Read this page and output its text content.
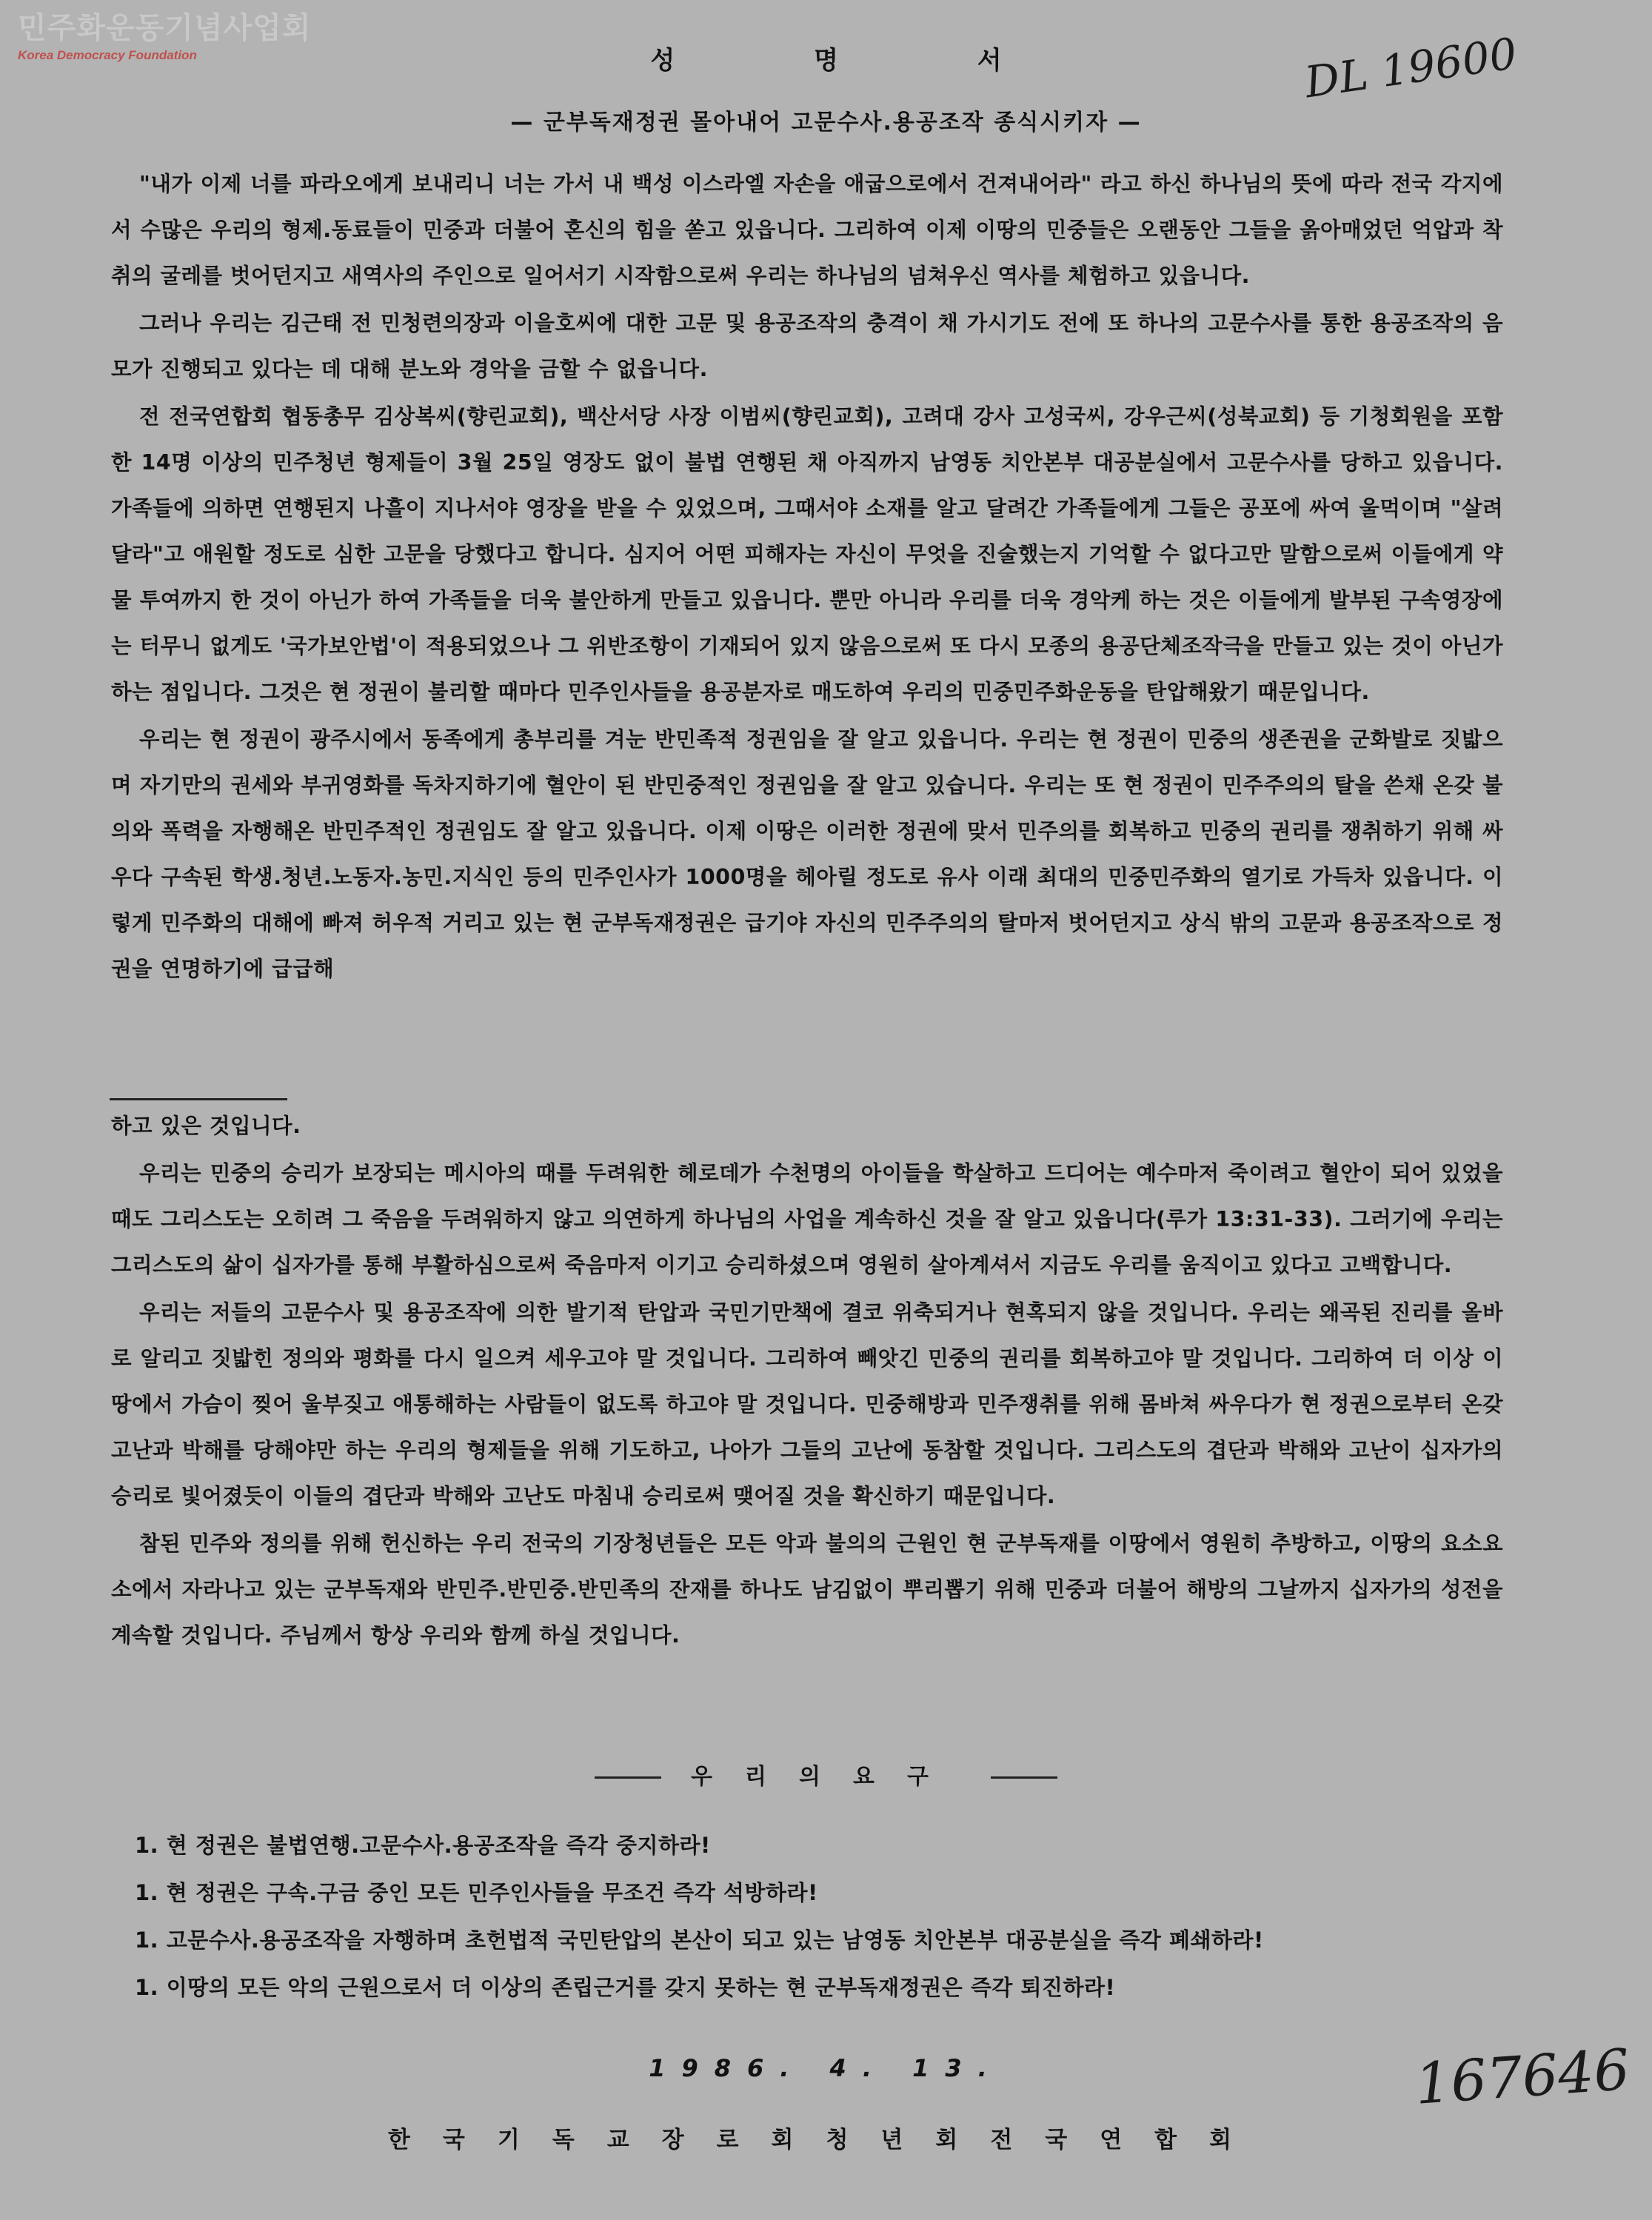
민주화운동기념사업회
Korea Democracy Foundation	DL 19600
성 명 서
— 군부독재정권 몰아내어 고문수사.용공조작 종식시키자 —

"내가 이제 너를 파라오에게 보내리니 너는 가서 내 백성 이스라엘 자손을 애굽으로에서 건져내어라" 라고 하신 하나님의 뜻에 따라 전국 각지에서 수많은 우리의 형제.동료들이 민중과 더불어 혼신의 힘을 쏟고 있읍니다. 그리하여 이제 이땅의 민중들은 오랜동안 그들을 옭아매었던 억압과 착취의 굴레를 벗어던지고 새역사의 주인으로 일어서기 시작함으로써 우리는 하나님의 넘쳐우신 역사를 체험하고 있읍니다.

그러나 우리는 김근태 전 민청련의장과 이을호씨에 대한 고문 및 용공조작의 충격이 채 가시기도 전에 또 하나의 고문수사를 통한 용공조작의 음모가 진행되고 있다는 데 대해 분노와 경악을 금할 수 없읍니다.

전 전국연합회 협동총무 김상복씨(향린교회), 백산서당 사장 이범씨(향린교회), 고려대 강사 고성국씨, 강우근씨(성북교회) 등 기청회원을 포함한 14명 이상의 민주청년 형제들이 3월 25일 영장도 없이 불법 연행된 채 아직까지 남영동 치안본부 대공분실에서 고문수사를 당하고 있읍니다. 가족들에 의하면 연행된지 나흘이 지나서야 영장을 받을 수 있었으며, 그때서야 소재를 알고 달려간 가족들에게 그들은 공포에 싸여 울먹이며 "살려달라"고 애원할 정도로 심한 고문을 당했다고 합니다. 심지어 어떤 피해자는 자신이 무엇을 진술했는지 기억할 수 없다고만 말함으로써 이들에게 약물 투여까지 한 것이 아닌가 하여 가족들을 더욱 불안하게 만들고 있읍니다. 뿐만 아니라 우리를 더욱 경악케 하는 것은 이들에게 발부된 구속영장에는 터무니 없게도 '국가보안법'이 적용되었으나 그 위반조항이 기재되어 있지 않음으로써 또 다시 모종의 용공단체조작극을 만들고 있는 것이 아닌가 하는 점입니다. 그것은 현 정권이 불리할 때마다 민주인사들을 용공분자로 매도하여 우리의 민중민주화운동을 탄압해왔기 때문입니다.

우리는 현 정권이 광주시에서 동족에게 총부리를 겨눈 반민족적 정권임을 잘 알고 있읍니다. 우리는 현 정권이 민중의 생존권을 군화발로 짓밟으며 자기만의 권세와 부귀영화를 독차지하기에 혈안이 된 반민중적인 정권임을 잘 알고 있습니다. 우리는 또 현 정권이 민주주의의 탈을 쓴채 온갖 불의와 폭력을 자행해온 반민주적인 정권임도 잘 알고 있읍니다. 이제 이땅은 이러한 정권에 맞서 민주의를 회복하고 민중의 권리를 쟁취하기 위해 싸우다 구속된 학생.청년.노동자.농민.지식인 등의 민주인사가 1000명을 헤아릴 정도로 유사 이래 최대의 민중민주화의 열기로 가득차 있읍니다. 이렇게 민주화의 대해에 빠져 허우적 거리고 있는 현 군부독재정권은 급기야 자신의 민주주의의 탈마저 벗어던지고 상식 밖의 고문과 용공조작으로 정권을 연명하기에 급급해

하고 있은 것입니다.

우리는 민중의 승리가 보장되는 메시아의 때를 두려워한 헤로데가 수천명의 아이들을 학살하고 드디어는 예수마저 죽이려고 혈안이 되어 있었을 때도 그리스도는 오히려 그 죽음을 두려워하지 않고 의연하게 하나님의 사업을 계속하신 것을 잘 알고 있읍니다(루가 13:31-33). 그러기에 우리는 그리스도의 삶이 십자가를 통해 부활하심으로써 죽음마저 이기고 승리하셨으며 영원히 살아계셔서 지금도 우리를 움직이고 있다고 고백합니다.

우리는 저들의 고문수사 및 용공조작에 의한 발기적 탄압과 국민기만책에 결코 위축되거나 현혹되지 않을 것입니다. 우리는 왜곡된 진리를 올바로 알리고 짓밟힌 정의와 평화를 다시 일으켜 세우고야 말 것입니다. 그리하여 빼앗긴 민중의 권리를 회복하고야 말 것입니다. 그리하여 더 이상 이땅에서 가슴이 찢어 울부짖고 애통해하는 사람들이 없도록 하고야 말 것입니다. 민중해방과 민주쟁취를 위해 몸바쳐 싸우다가 현 정권으로부터 온갖 고난과 박해를 당해야만 하는 우리의 형제들을 위해 기도하고, 나아가 그들의 고난에 동참할 것입니다. 그리스도의 겹단과 박해와 고난이 십자가의 승리로 빛어졌듯이 이들의 겹단과 박해와 고난도 마침내 승리로써 맺어질 것을 확신하기 때문입니다.

참된 민주와 정의를 위해 헌신하는 우리 전국의 기장청년들은 모든 악과 불의의 근원인 현 군부독재를 이땅에서 영원히 추방하고, 이땅의 요소요소에서 자라나고 있는 군부독재와 반민주.반민중.반민족의 잔재를 하나도 남김없이 뿌리뽑기 위해 민중과 더불어 해방의 그날까지 십자가의 성전을 계속할 것입니다. 주님께서 항상 우리와 함께 하실 것입니다.

우리의요구
1. 현 정권은 불법연행.고문수사.용공조작을 즉각 중지하라!
1. 현 정권은 구속.구금 중인 모든 민주인사들을 무조건 즉각 석방하라!
1. 고문수사.용공조작을 자행하며 초헌법적 국민탄압의 본산이 되고 있는 남영동 치안본부 대공분실을 즉각 폐쇄하라!
1. 이땅의 모든 악의 근원으로서 더 이상의 존립근거를 갖지 못하는 현 군부독재정권은 즉각 퇴진하라!
1986. 4. 13.	167646
한국기독교장로회청년회전국연합회
